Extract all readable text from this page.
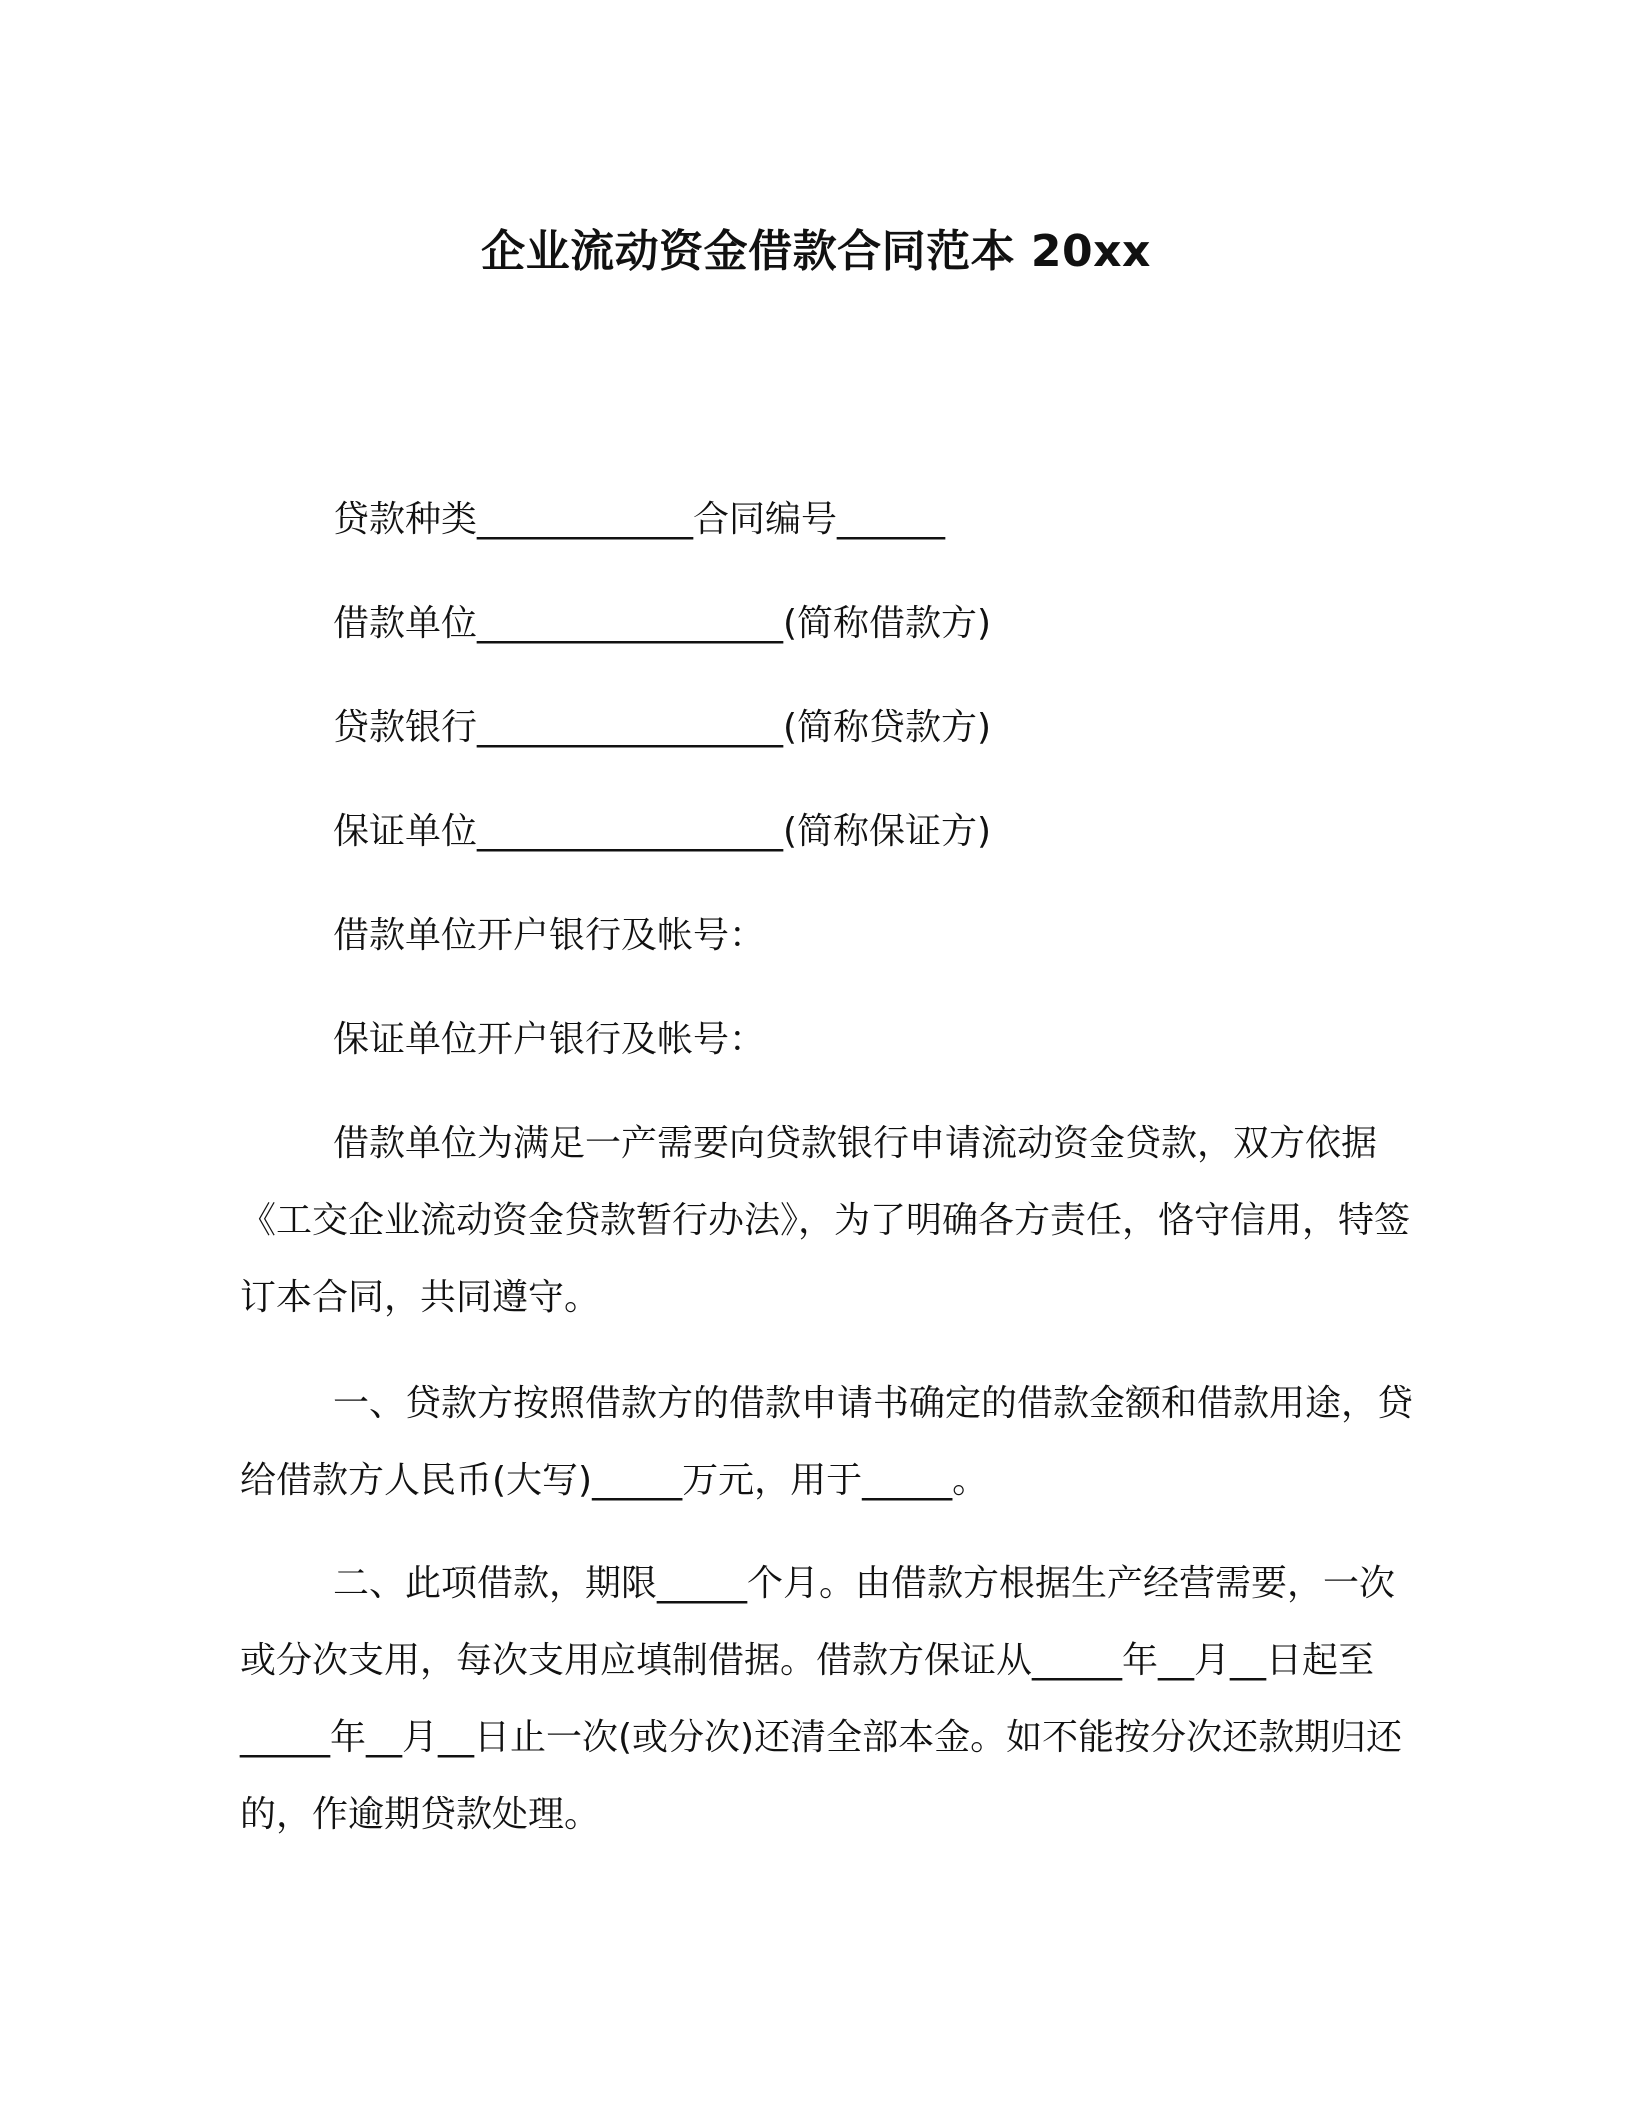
企业流动资金借款合同范本 20xx
贷款种类____________合同编号______
借款单位_________________(简称借款方)
贷款银行_________________(简称贷款方)
保证单位_________________(简称保证方)
借款单位开户银行及帐号：
保证单位开户银行及帐号：
借款单位为满足一产需要向贷款银行申请流动资金贷款，双方依据《工交企业流动资金贷款暂行办法》，为了明确各方责任，恪守信用，特签订本合同，共同遵守。
一、贷款方按照借款方的借款申请书确定的借款金额和借款用途，贷给借款方人民币(大写)_____万元，用于_____。
二、此项借款，期限_____个月。由借款方根据生产经营需要，一次或分次支用，每次支用应填制借据。借款方保证从_____年__月__日起至_____年__月__日止一次(或分次)还清全部本金。如不能按分次还款期归还的，作逾期贷款处理。
